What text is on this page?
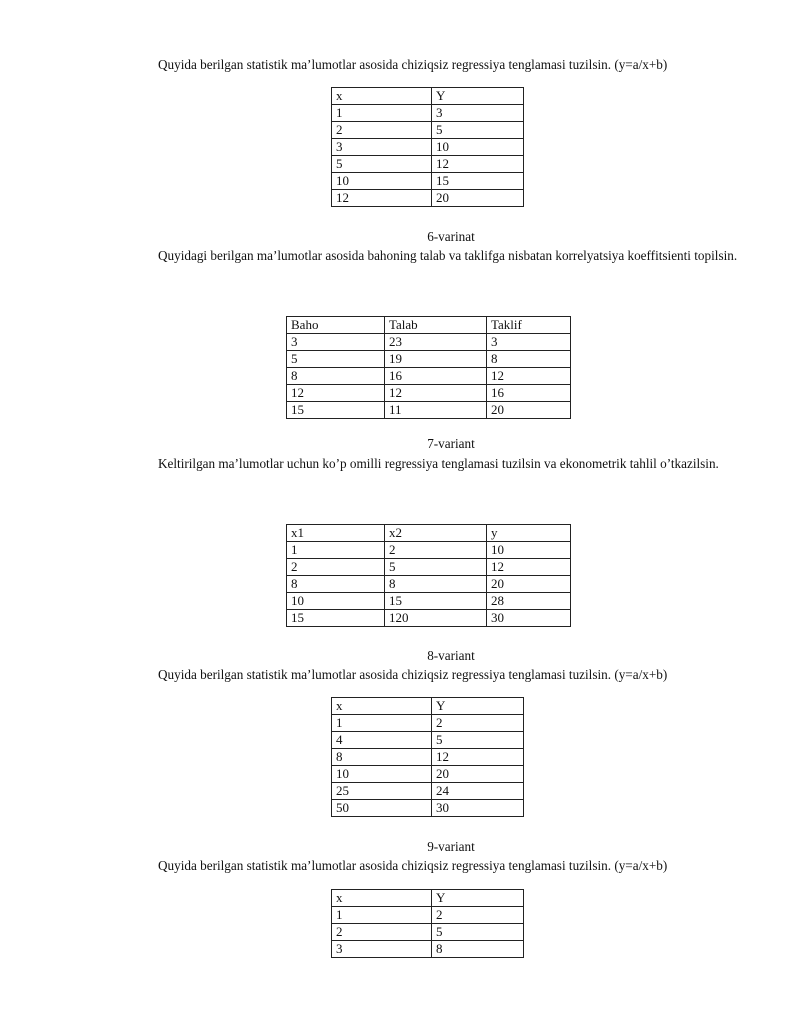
Quyida berilgan statistik ma’lumotlar asosida chiziqsiz regressiya tenglamasi tuzilsin. (y=a/x+b)

x	Y
1	3
2	5
3	10
5	12
10	15
12	20
6-varinat

Quyidagi berilgan ma’lumotlar asosida bahoning talab va taklifga nisbatan korrelyatsiya koeffitsienti topilsin.

Baho	Talab	Taklif
3	23	3
5	19	8
8	16	12
12	12	16
15	11	20
7-variant

Keltirilgan ma’lumotlar uchun ko’p omilli regressiya tenglamasi tuzilsin va ekonometrik tahlil o’tkazilsin.

x1	x2	y
1	2	10
2	5	12
8	8	20
10	15	28
15	120	30
8-variant

Quyida berilgan statistik ma’lumotlar asosida chiziqsiz regressiya tenglamasi tuzilsin. (y=a/x+b)

x	Y
1	2
4	5
8	12
10	20
25	24
50	30
9-variant

Quyida berilgan statistik ma’lumotlar asosida chiziqsiz regressiya tenglamasi tuzilsin. (y=a/x+b)

x	Y
1	2
2	5
3	8
